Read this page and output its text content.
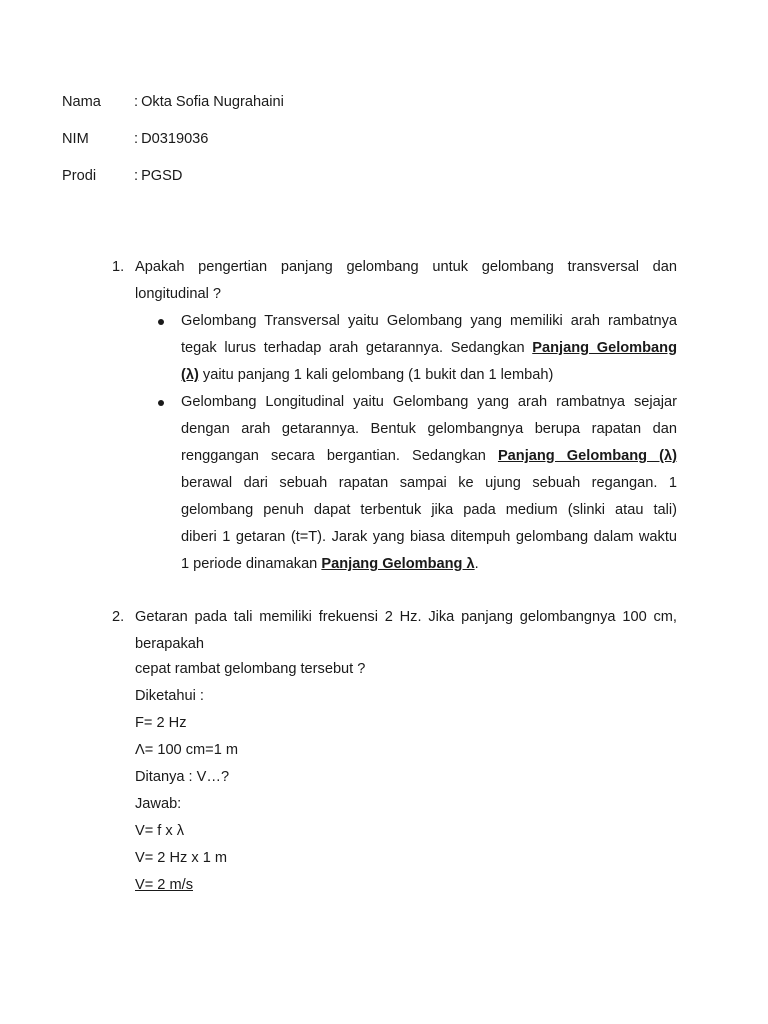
Nama : Okta Sofia Nugrahaini
NIM	: D0319036
Prodi	: PGSD
1. Apakah pengertian panjang gelombang untuk gelombang transversal dan
longitudinal ?
Gelombang Transversal yaitu Gelombang yang memiliki arah rambatnya
tegak lurus terhadap arah getarannya. Sedangkan Panjang Gelombang
(λ) yaitu panjang 1 kali gelombang (1 bukit dan 1 lembah)
Gelombang Longitudinal yaitu Gelombang yang arah rambatnya sejajar
dengan arah getarannya. Bentuk gelombangnya berupa rapatan dan
renggangan secara bergantian. Sedangkan Panjang Gelombang (λ)
berawal dari sebuah rapatan sampai ke ujung sebuah regangan. 1
gelombang penuh dapat terbentuk jika pada medium (slinki atau tali)
diberi 1 getaran (t=T). Jarak yang biasa ditempuh gelombang dalam waktu
1 periode dinamakan Panjang Gelombang λ.
2. Getaran pada tali memiliki frekuensi 2 Hz. Jika panjang gelombangnya 100 cm,
berapakah
cepat rambat gelombang tersebut ?
Diketahui :
F= 2 Hz
Λ= 100 cm=1 m
Ditanya : V…?
Jawab:
V= f x λ
V= 2 Hz x 1 m
V= 2 m/s
